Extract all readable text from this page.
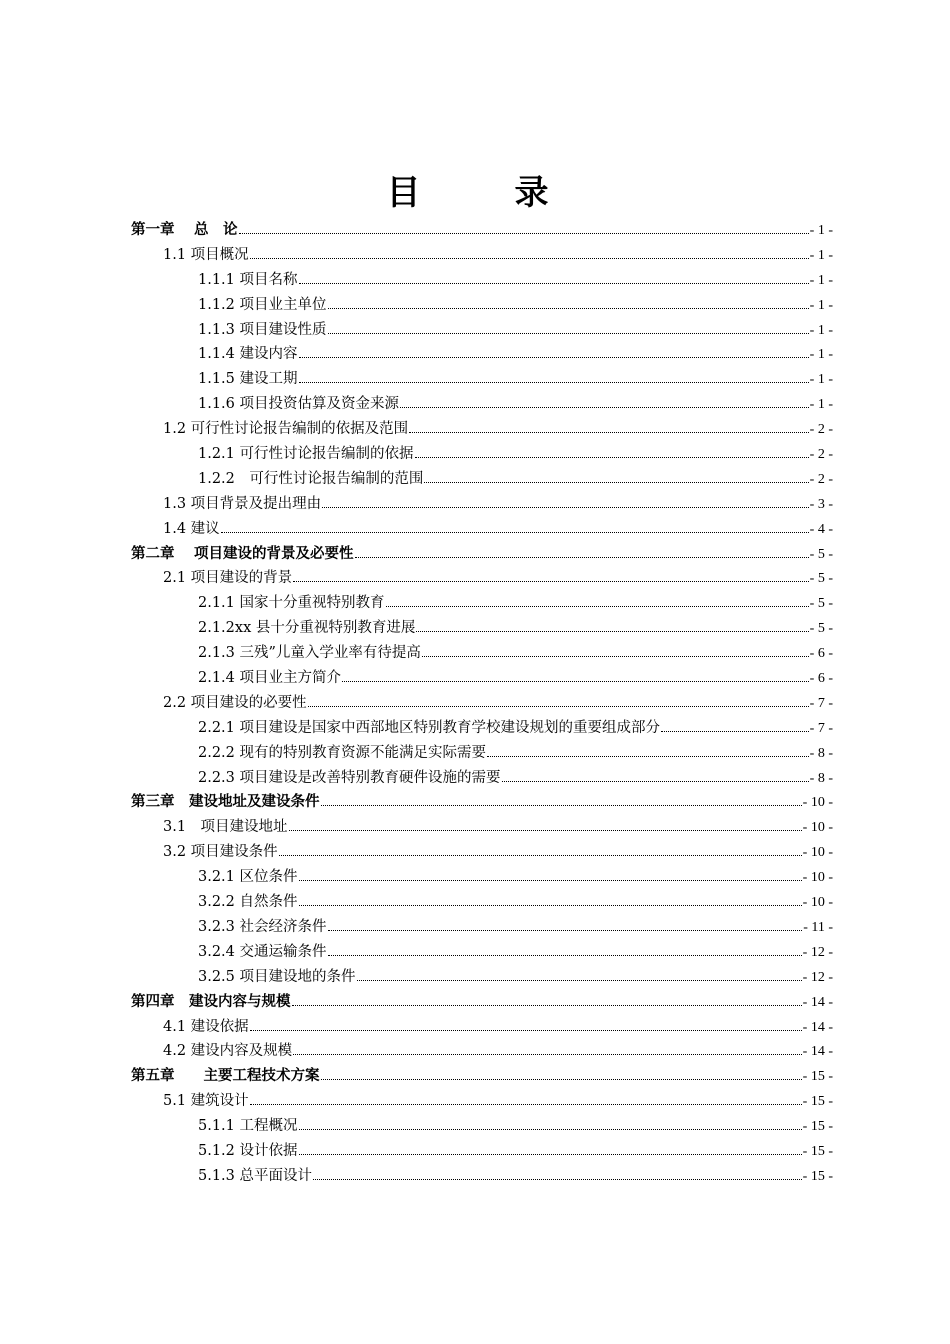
目　录
第一章　 总　论	- 1 -
1.1 项目概况	- 1 -
1.1.1 项目名称	- 1 -
1.1.2 项目业主单位	- 1 -
1.1.3 项目建设性质	- 1 -
1.1.4 建设内容	- 1 -
1.1.5 建设工期	- 1 -
1.1.6 项目投资估算及资金来源	- 1 -
1.2 可行性讨论报告编制的依据及范围	- 2 -
1.2.1 可行性讨论报告编制的依据	- 2 -
1.2.2　可行性讨论报告编制的范围	- 2 -
1.3 项目背景及提出理由	- 3 -
1.4 建议	- 4 -
第二章　 项目建设的背景及必要性	- 5 -
2.1 项目建设的背景	- 5 -
2.1.1 国家十分重视特别教育	- 5 -
2.1.2xx 县十分重视特别教育进展	- 5 -
2.1.3 三残”儿童入学业率有待提高	- 6 -
2.1.4 项目业主方简介	- 6 -
2.2 项目建设的必要性	- 7 -
2.2.1 项目建设是国家中西部地区特别教育学校建设规划的重要组成部分	- 7 -
2.2.2 现有的特别教育资源不能满足实际需要	- 8 -
2.2.3 项目建设是改善特别教育硬件设施的需要	- 8 -
第三章　建设地址及建设条件	- 10 -
3.1　项目建设地址	- 10 -
3.2 项目建设条件	- 10 -
3.2.1 区位条件	- 10 -
3.2.2 自然条件	- 10 -
3.2.3 社会经济条件	- 11 -
3.2.4 交通运输条件	- 12 -
3.2.5 项目建设地的条件	- 12 -
第四章　建设内容与规模	- 14 -
4.1 建设依据	- 14 -
4.2 建设内容及规模	- 14 -
第五章　　主要工程技术方案	- 15 -
5.1 建筑设计	- 15 -
5.1.1 工程概况	- 15 -
5.1.2 设计依据	- 15 -
5.1.3 总平面设计	- 15 -
